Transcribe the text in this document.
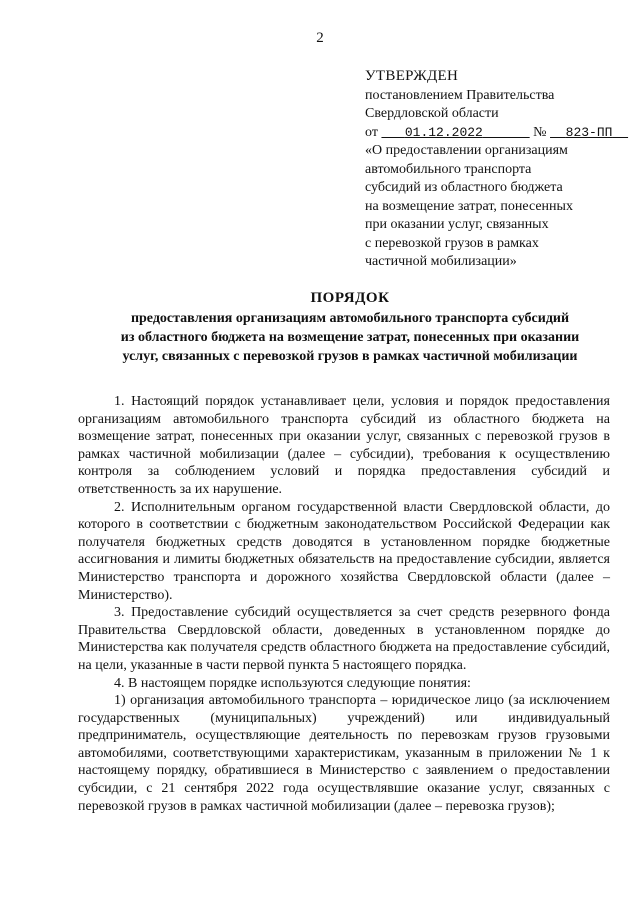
2
УТВЕРЖДЕН
постановлением Правительства
Свердловской области
от 01.12.2022	№ 823-ПП
«О предоставлении организациям
автомобильного транспорта
субсидий из областного бюджета
на возмещение затрат, понесенных
при оказании услуг, связанных
с перевозкой грузов в рамках
частичной мобилизации»
ПОРЯДОК
предоставления организациям автомобильного транспорта субсидий
из областного бюджета на возмещение затрат, понесенных при оказании
услуг, связанных с перевозкой грузов в рамках частичной мобилизации

1. Настоящий порядок устанавливает цели, условия и порядок предоставления организациям автомобильного транспорта субсидий из областного бюджета на возмещение затрат, понесенных при оказании услуг, связанных с перевозкой грузов в рамках частичной мобилизации (далее – субсидии), требования к осуществлению контроля за соблюдением условий и порядка предоставления субсидий и ответственность за их нарушение.

2. Исполнительным органом государственной власти Свердловской области, до которого в соответствии с бюджетным законодательством Российской Федерации как получателя бюджетных средств доводятся в установленном порядке бюджетные ассигнования и лимиты бюджетных обязательств на предоставление субсидии, является Министерство транспорта и дорожного хозяйства Свердловской области (далее – Министерство).

3. Предоставление субсидий осуществляется за счет средств резервного фонда Правительства Свердловской области, доведенных в установленном порядке до Министерства как получателя средств областного бюджета на предоставление субсидий, на цели, указанные в части первой пункта 5 настоящего порядка.

4. В настоящем порядке используются следующие понятия:

1) организация автомобильного транспорта – юридическое лицо (за исключением государственных (муниципальных) учреждений) или индивидуальный предприниматель, осуществляющие деятельность по перевозкам грузов грузовыми автомобилями, соответствующими характеристикам, указанным в приложении № 1 к настоящему порядку, обратившиеся в Министерство с заявлением о предоставлении субсидии, с 21 сентября 2022 года осуществлявшие оказание услуг, связанных с перевозкой грузов в рамках частичной мобилизации (далее – перевозка грузов);
